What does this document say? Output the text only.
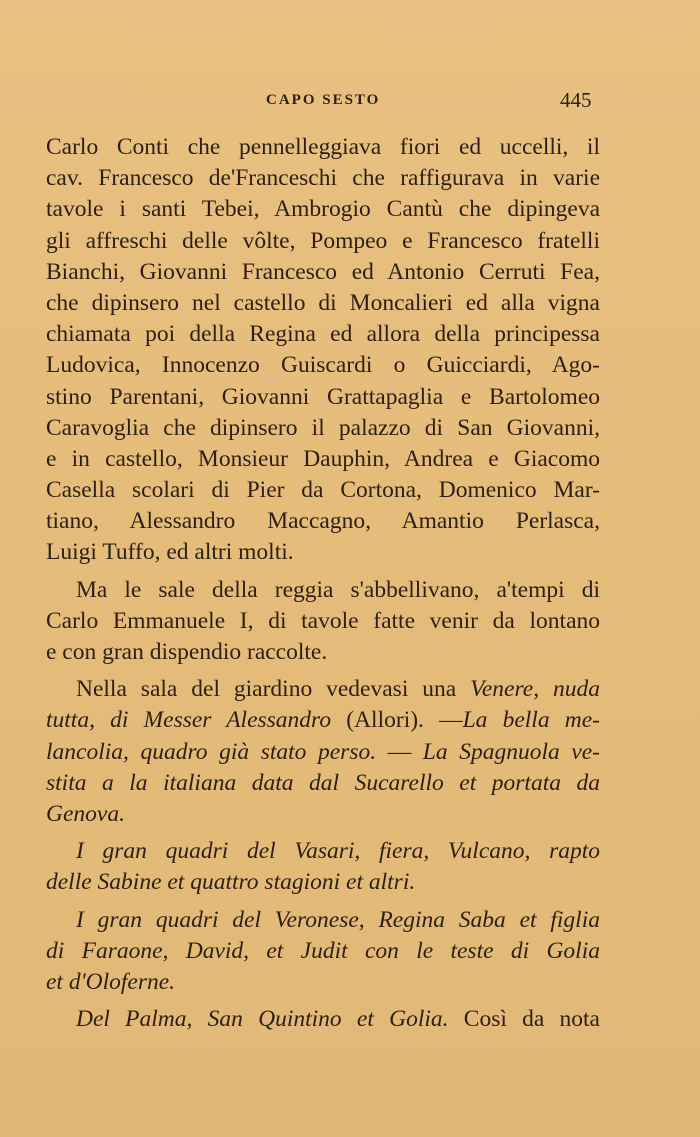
CAPO SESTO	445
Carlo Conti che pennelleggiava fiori ed uccelli, il
cav. Francesco de'Franceschi che raffigurava in varie
tavole i santi Tebei, Ambrogio Cantù che dipingeva
gli affreschi delle vôlte, Pompeo e Francesco fratelli
Bianchi, Giovanni Francesco ed Antonio Cerruti Fea,
che dipinsero nel castello di Moncalieri ed alla vigna
chiamata poi della Regina ed allora della principessa
Ludovica, Innocenzo Guiscardi o Guicciardi, Ago-
stino Parentani, Giovanni Grattapaglia e Bartolomeo
Caravoglia che dipinsero il palazzo di San Giovanni,
e in castello, Monsieur Dauphin, Andrea e Giacomo
Casella scolari di Pier da Cortona, Domenico Mar-
tiano, Alessandro Maccagno, Amantio Perlasca,
Luigi Tuffo, ed altri molti.
Ma le sale della reggia s'abbellivano, a'tempi di
Carlo Emmanuele I, di tavole fatte venir da lontano
e con gran dispendio raccolte.
Nella sala del giardino vedevasi una Venere, nuda
tutta, di Messer Alessandro (Allori). —La bella me-
lancolia, quadro già stato perso. — La Spagnuola ve-
stita a la italiana data dal Sucarello et portata da
Genova.
I gran quadri del Vasari, fiera, Vulcano, rapto
delle Sabine et quattro stagioni et altri.
I gran quadri del Veronese, Regina Saba et figlia
di Faraone, David, et Judit con le teste di Golia
et d'Oloferne.
Del Palma, San Quintino et Golia. Così da nota
